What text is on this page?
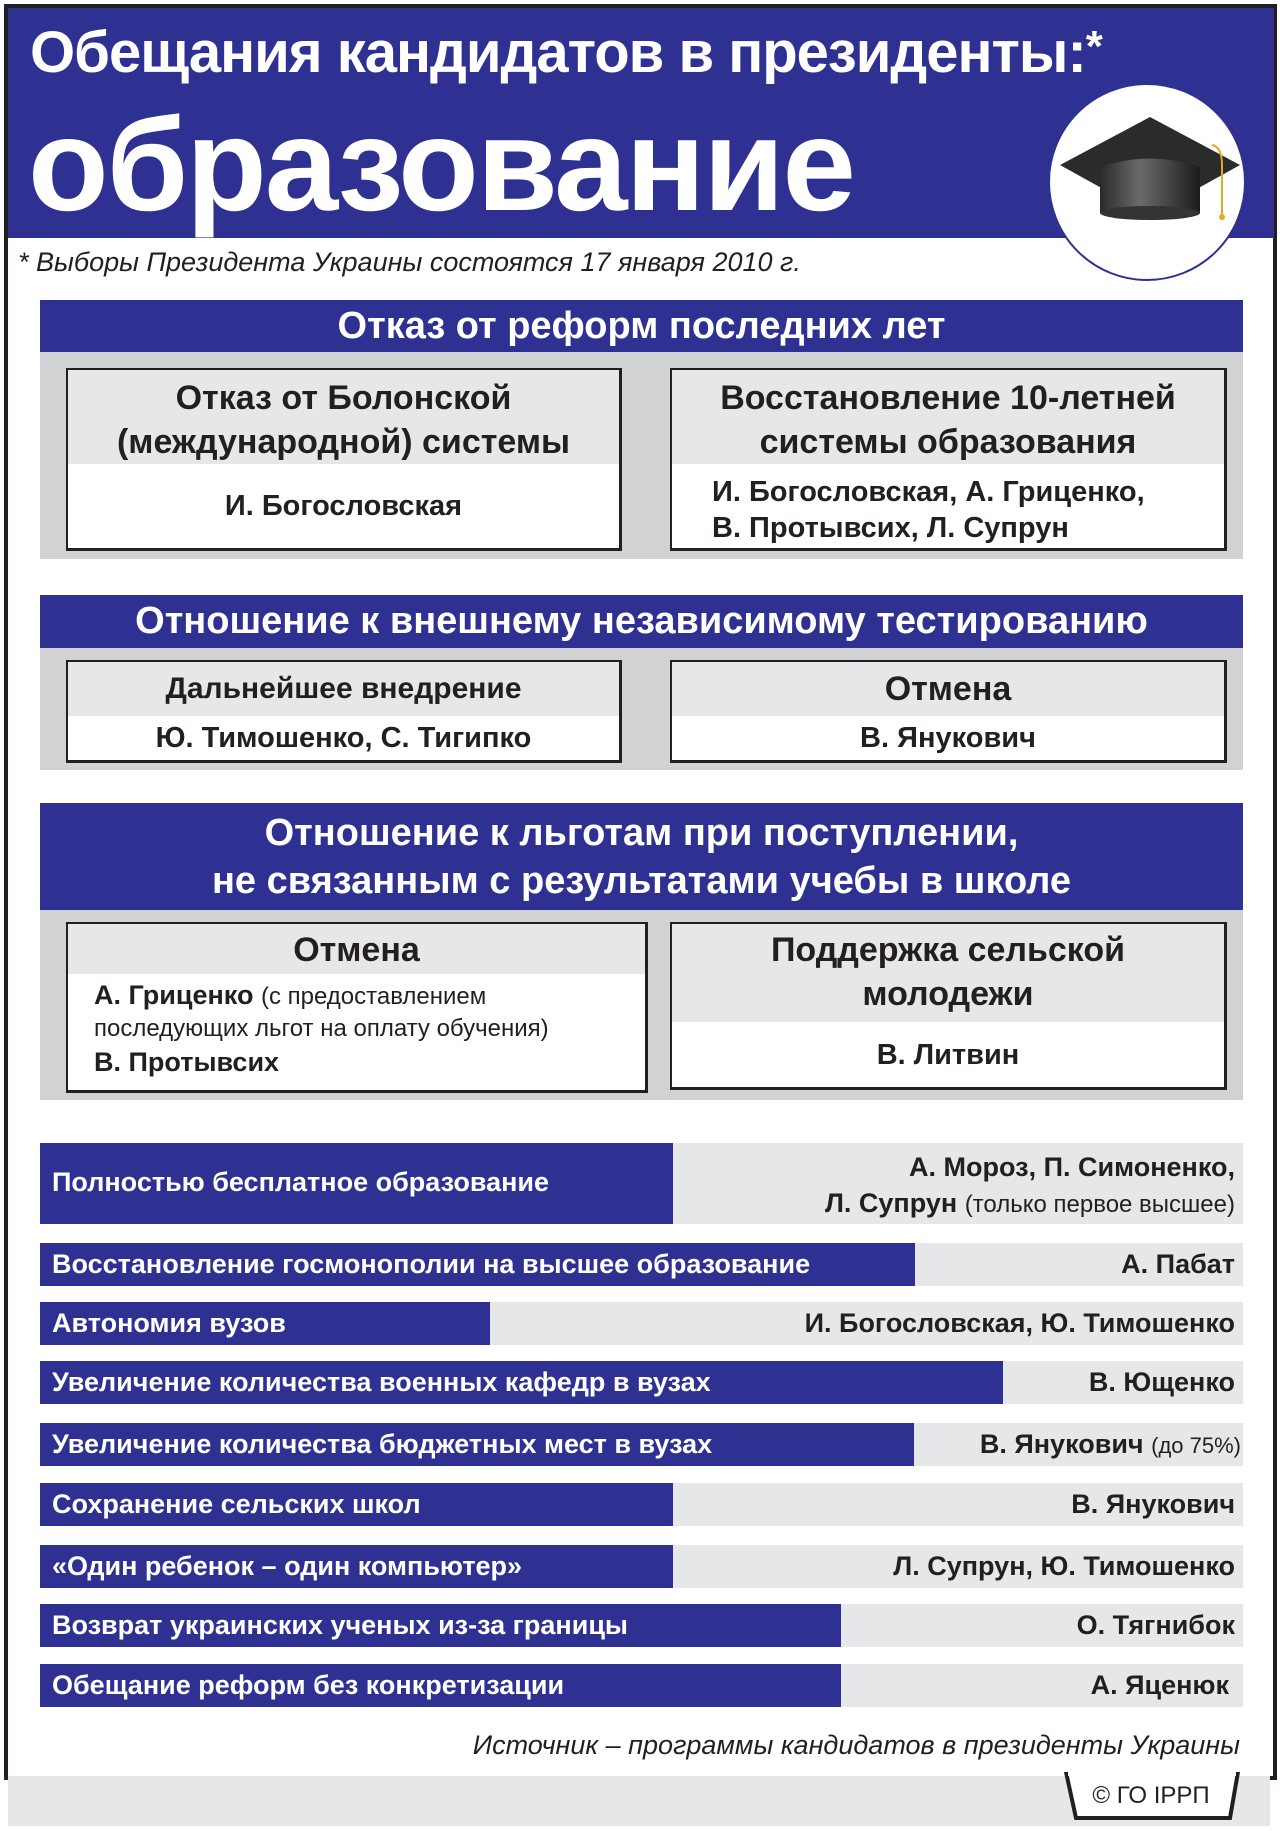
Обещания кандидатов в президенты:*
образование
* Выборы Президента Украины состоятся 17 января 2010 г.
Отказ от реформ последних лет
Отказ от Болонской
(международной) системы
И. Богословская
Восстановление 10-летней
системы образования
И. Богословская, А. Гриценко,
В. Протывсих, Л. Супрун
Отношение к внешнему независимому тестированию
Дальнейшее внедрение
Ю. Тимошенко, С. Тигипко
Отмена
В. Янукович
Отношение к льготам при поступлении,
не связанным с результатами учебы в школе
Отмена
А. Гриценко (с предоставлением
последующих льгот на оплату обучения)
В. Протывсих
Поддержка сельской
молодежи
В. Литвин
Полностью бесплатное образование	А. Мороз, П. Симоненко,
Л. Супрун (только первое высшее)
Восстановление госмонополии на высшее образование	А. Пабат
Автономия вузов	И. Богословская, Ю. Тимошенко
Увеличение количества военных кафедр в вузах	В. Ющенко
Увеличение количества бюджетных мест в вузах	В. Янукович (до 75%)
Сохранение сельских школ	В. Янукович
«Один ребенок – один компьютер»	Л. Супрун, Ю. Тимошенко
Возврат украинских ученых из-за границы	О. Тягнибок
Обещание реформ без конкретизации	А. Яценюк
Источник – программы кандидатов в президенты Украины
© ГО IPPП
